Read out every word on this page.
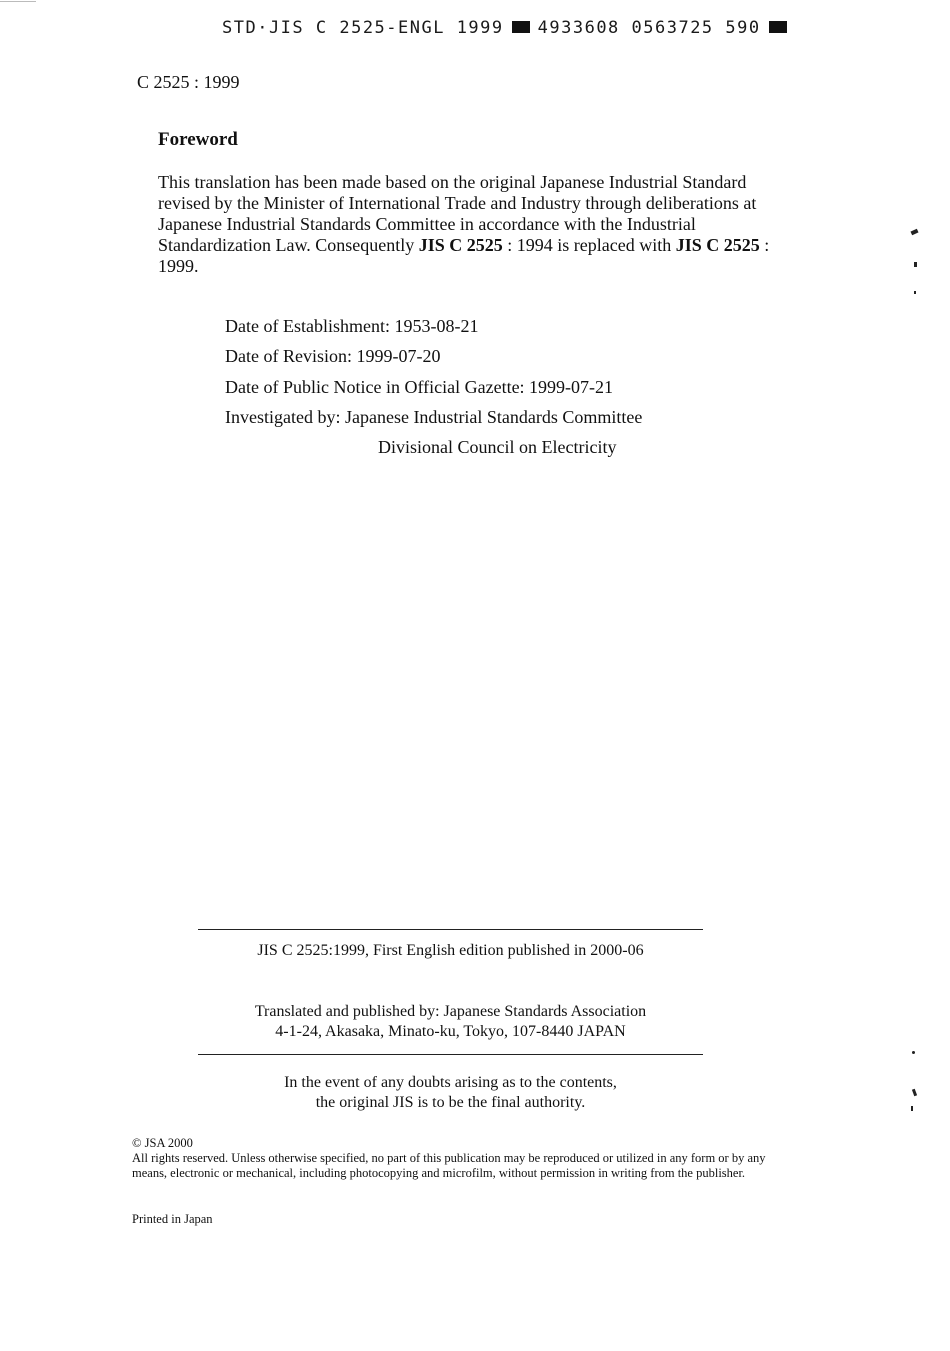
STD·JIS C 2525-ENGL 1999 4933608 0563725 590
C 2525 : 1999
Foreword
This translation has been made based on the original Japanese Industrial Standard revised by the Minister of International Trade and Industry through deliberations at Japanese Industrial Standards Committee in accordance with the Industrial Standardization Law. Consequently JIS C 2525 : 1994 is replaced with JIS C 2525 : 1999.
Date of Establishment: 1953-08-21
Date of Revision: 1999-07-20
Date of Public Notice in Official Gazette: 1999-07-21
Investigated by: Japanese Industrial Standards Committee
Divisional Council on Electricity
JIS C 2525:1999, First English edition published in 2000-06
Translated and published by: Japanese Standards Association
4-1-24, Akasaka, Minato-ku, Tokyo, 107-8440 JAPAN
In the event of any doubts arising as to the contents,
the original JIS is to be the final authority.
© JSA 2000
All rights reserved. Unless otherwise specified, no part of this publication may be reproduced or utilized in any form or by any means, electronic or mechanical, including photocopying and microfilm, without permission in writing from the publisher.
Printed in Japan
